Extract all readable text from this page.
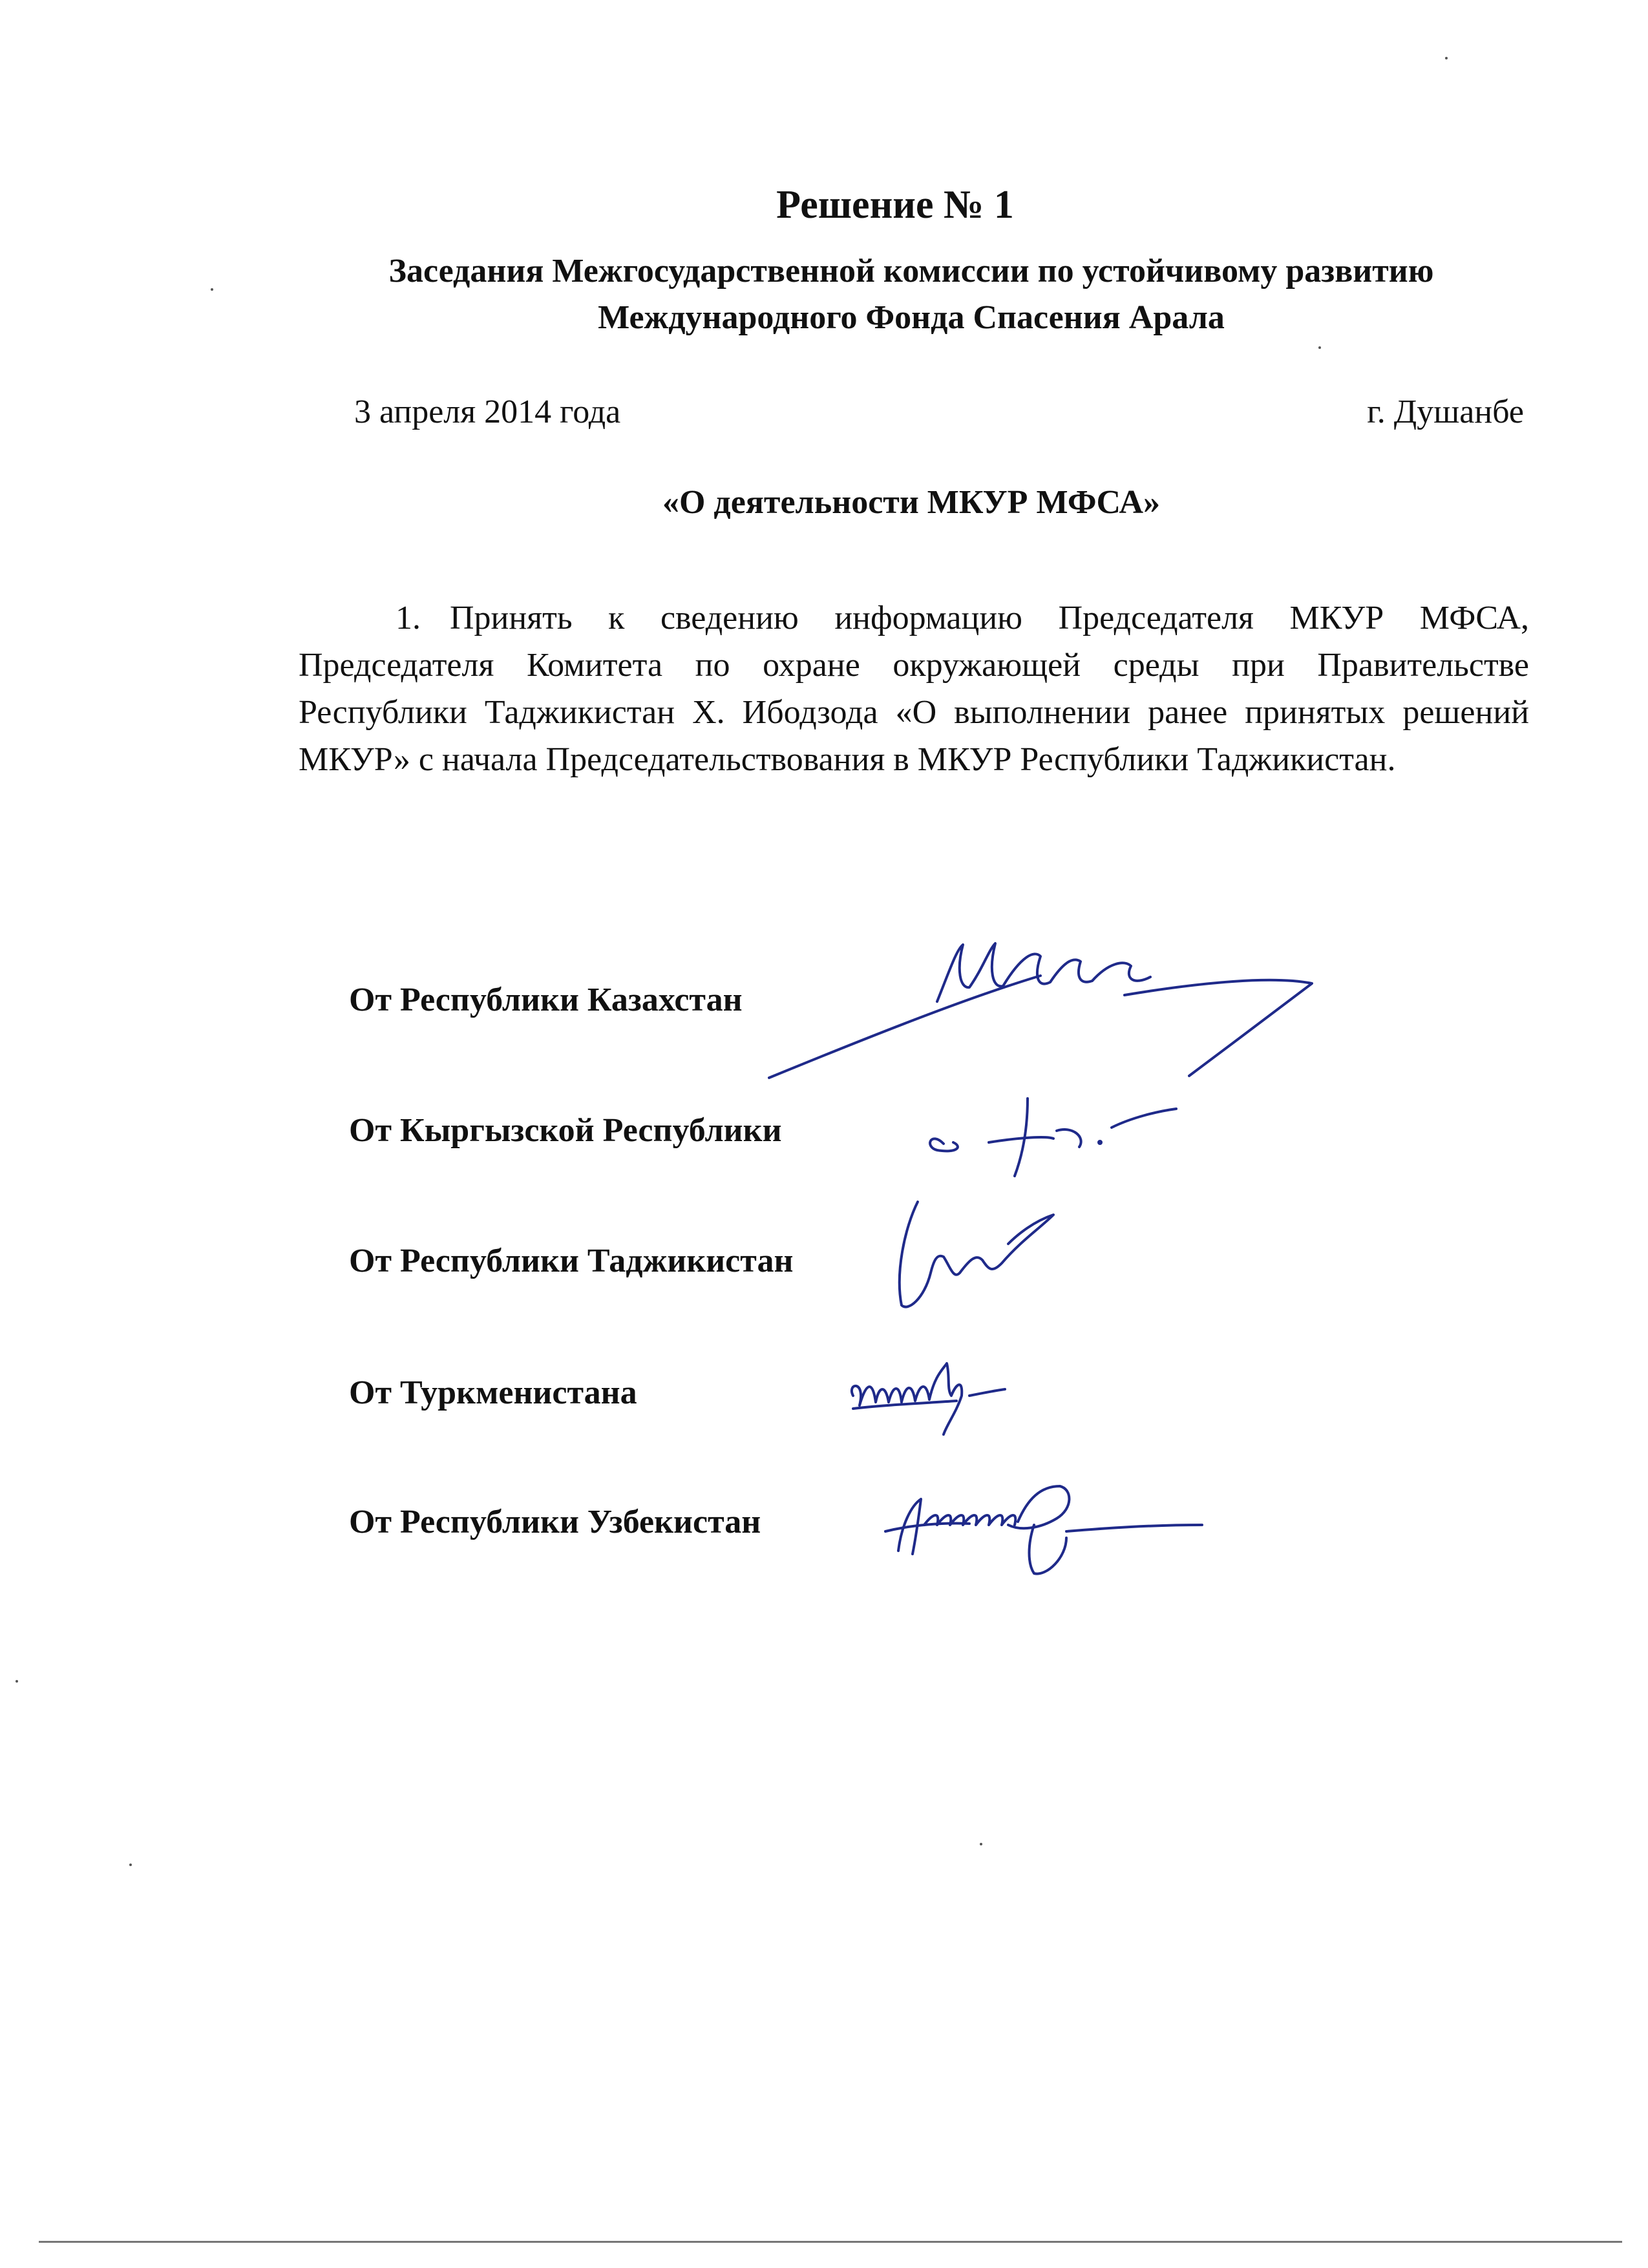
Решение № 1
Заседания Межгосударственной комиссии по устойчивому развитию
Международного Фонда Спасения Арала
3 апреля 2014 года	г. Душанбе
«О деятельности МКУР МФСА»
1. Принять к сведению информацию Председателя МКУР МФСА, Председателя Комитета по охране окружающей среды при Правительстве Республики Таджикистан Х. Ибодзода «О выполнении ранее принятых решений МКУР» с начала Председательствования в МКУР Республики Таджикистан.
От Республики Казахстан
От Кыргызской Республики
От Республики Таджикистан
От Туркменистана
От Республики Узбекистан
